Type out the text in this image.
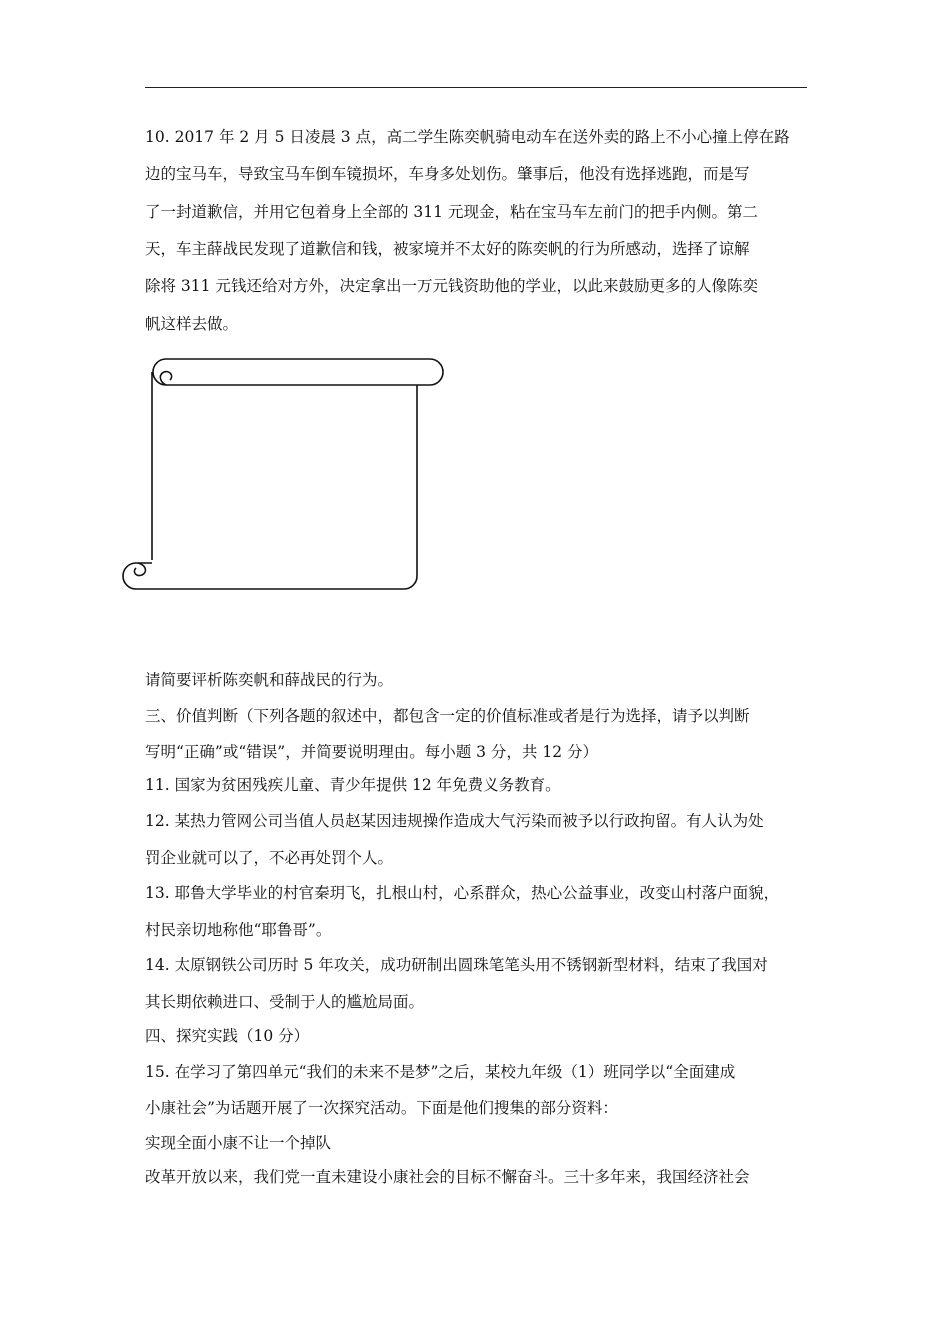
10. 2017 年 2 月 5 日凌晨 3 点，高二学生陈奕帆骑电动车在送外卖的路上不小心撞上停在路
边的宝马车，导致宝马车倒车镜损坏，车身多处划伤。肇事后，他没有选择逃跑，而是写
了一封道歉信，并用它包着身上全部的 311 元现金，粘在宝马车左前门的把手内侧。第二
天，车主薛战民发现了道歉信和钱，被家境并不太好的陈奕帆的行为所感动，选择了谅解
除将 311 元钱还给对方外，决定拿出一万元钱资助他的学业，以此来鼓励更多的人像陈奕
帆这样去做。
请简要评析陈奕帆和薛战民的行为。
三、价值判断（下列各题的叙述中，都包含一定的价值标准或者是行为选择，请予以判断
写明“正确”或“错误”，并简要说明理由。每小题 3 分，共 12 分）
11. 国家为贫困残疾儿童、青少年提供 12 年免费义务教育。
12. 某热力管网公司当值人员赵某因违规操作造成大气污染而被予以行政拘留。有人认为处
罚企业就可以了，不必再处罚个人。
13. 耶鲁大学毕业的村官秦玥飞，扎根山村，心系群众，热心公益事业，改变山村落户面貌，
村民亲切地称他“耶鲁哥”。
14. 太原钢铁公司历时 5 年攻关，成功研制出圆珠笔笔头用不锈钢新型材料，结束了我国对
其长期依赖进口、受制于人的尴尬局面。
四、探究实践（10 分）
15. 在学习了第四单元“我们的未来不是梦”之后，某校九年级（1）班同学以“全面建成
小康社会”为话题开展了一次探究活动。下面是他们搜集的部分资料：
实现全面小康不让一个掉队
改革开放以来，我们党一直未建设小康社会的目标不懈奋斗。三十多年来，我国经济社会
